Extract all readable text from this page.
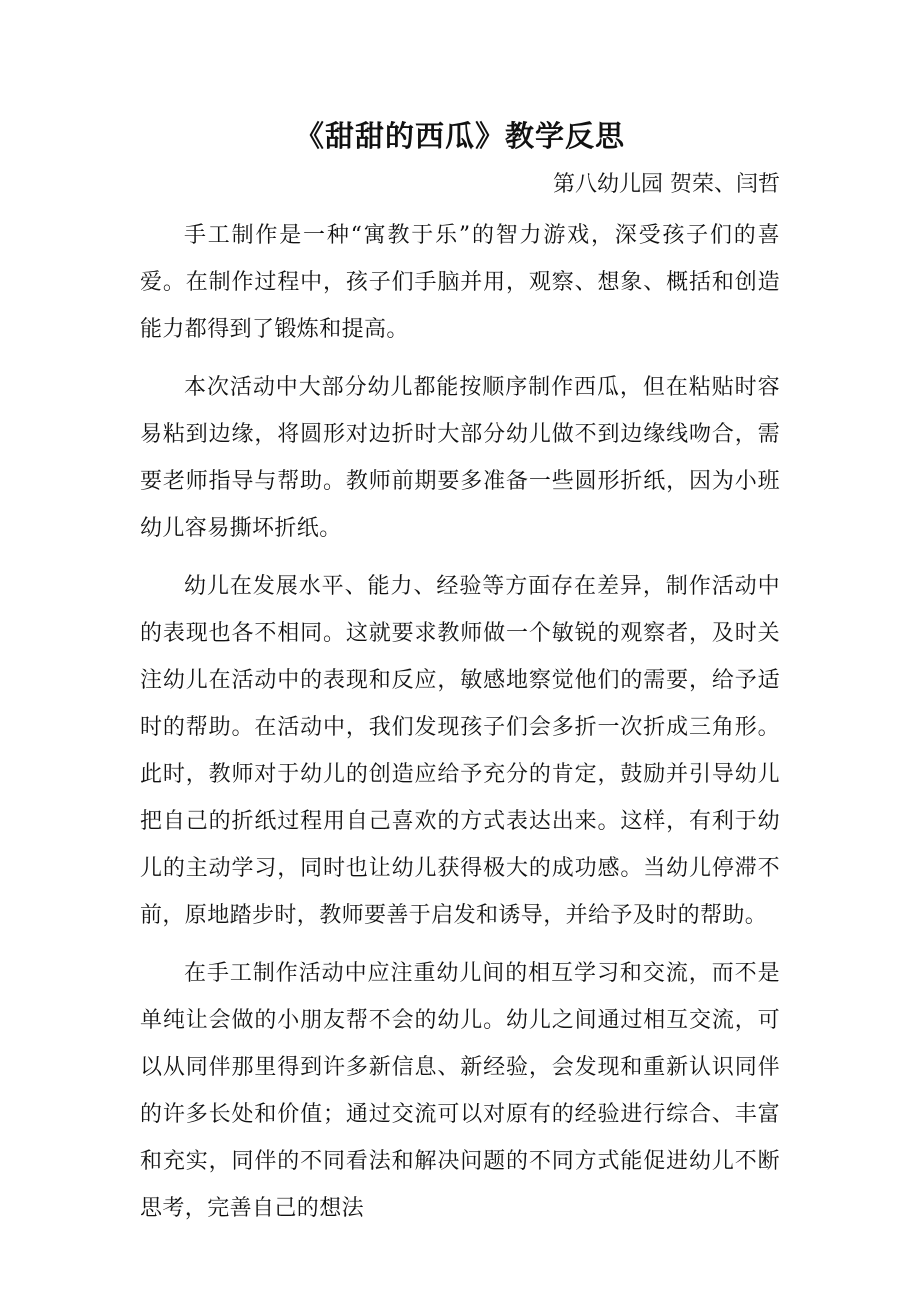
《甜甜的西瓜》教学反思

第八幼儿园 贺荣、闫哲

手工制作是一种“寓教于乐”的智力游戏，深受孩子们的喜爱。在制作过程中，孩子们手脑并用，观察、想象、概括和创造能力都得到了锻炼和提高。

本次活动中大部分幼儿都能按顺序制作西瓜，但在粘贴时容易粘到边缘，将圆形对边折时大部分幼儿做不到边缘线吻合，需要老师指导与帮助。教师前期要多准备一些圆形折纸，因为小班幼儿容易撕坏折纸。

幼儿在发展水平、能力、经验等方面存在差异，制作活动中的表现也各不相同。这就要求教师做一个敏锐的观察者，及时关注幼儿在活动中的表现和反应，敏感地察觉他们的需要，给予适时的帮助。在活动中，我们发现孩子们会多折一次折成三角形。此时，教师对于幼儿的创造应给予充分的肯定，鼓励并引导幼儿把自己的折纸过程用自己喜欢的方式表达出来。这样，有利于幼儿的主动学习，同时也让幼儿获得极大的成功感。当幼儿停滞不前，原地踏步时，教师要善于启发和诱导，并给予及时的帮助。

在手工制作活动中应注重幼儿间的相互学习和交流，而不是单纯让会做的小朋友帮不会的幼儿。幼儿之间通过相互交流，可以从同伴那里得到许多新信息、新经验，会发现和重新认识同伴的许多长处和价值；通过交流可以对原有的经验进行综合、丰富和充实，同伴的不同看法和解决问题的不同方式能促进幼儿不断思考，完善自己的想法
